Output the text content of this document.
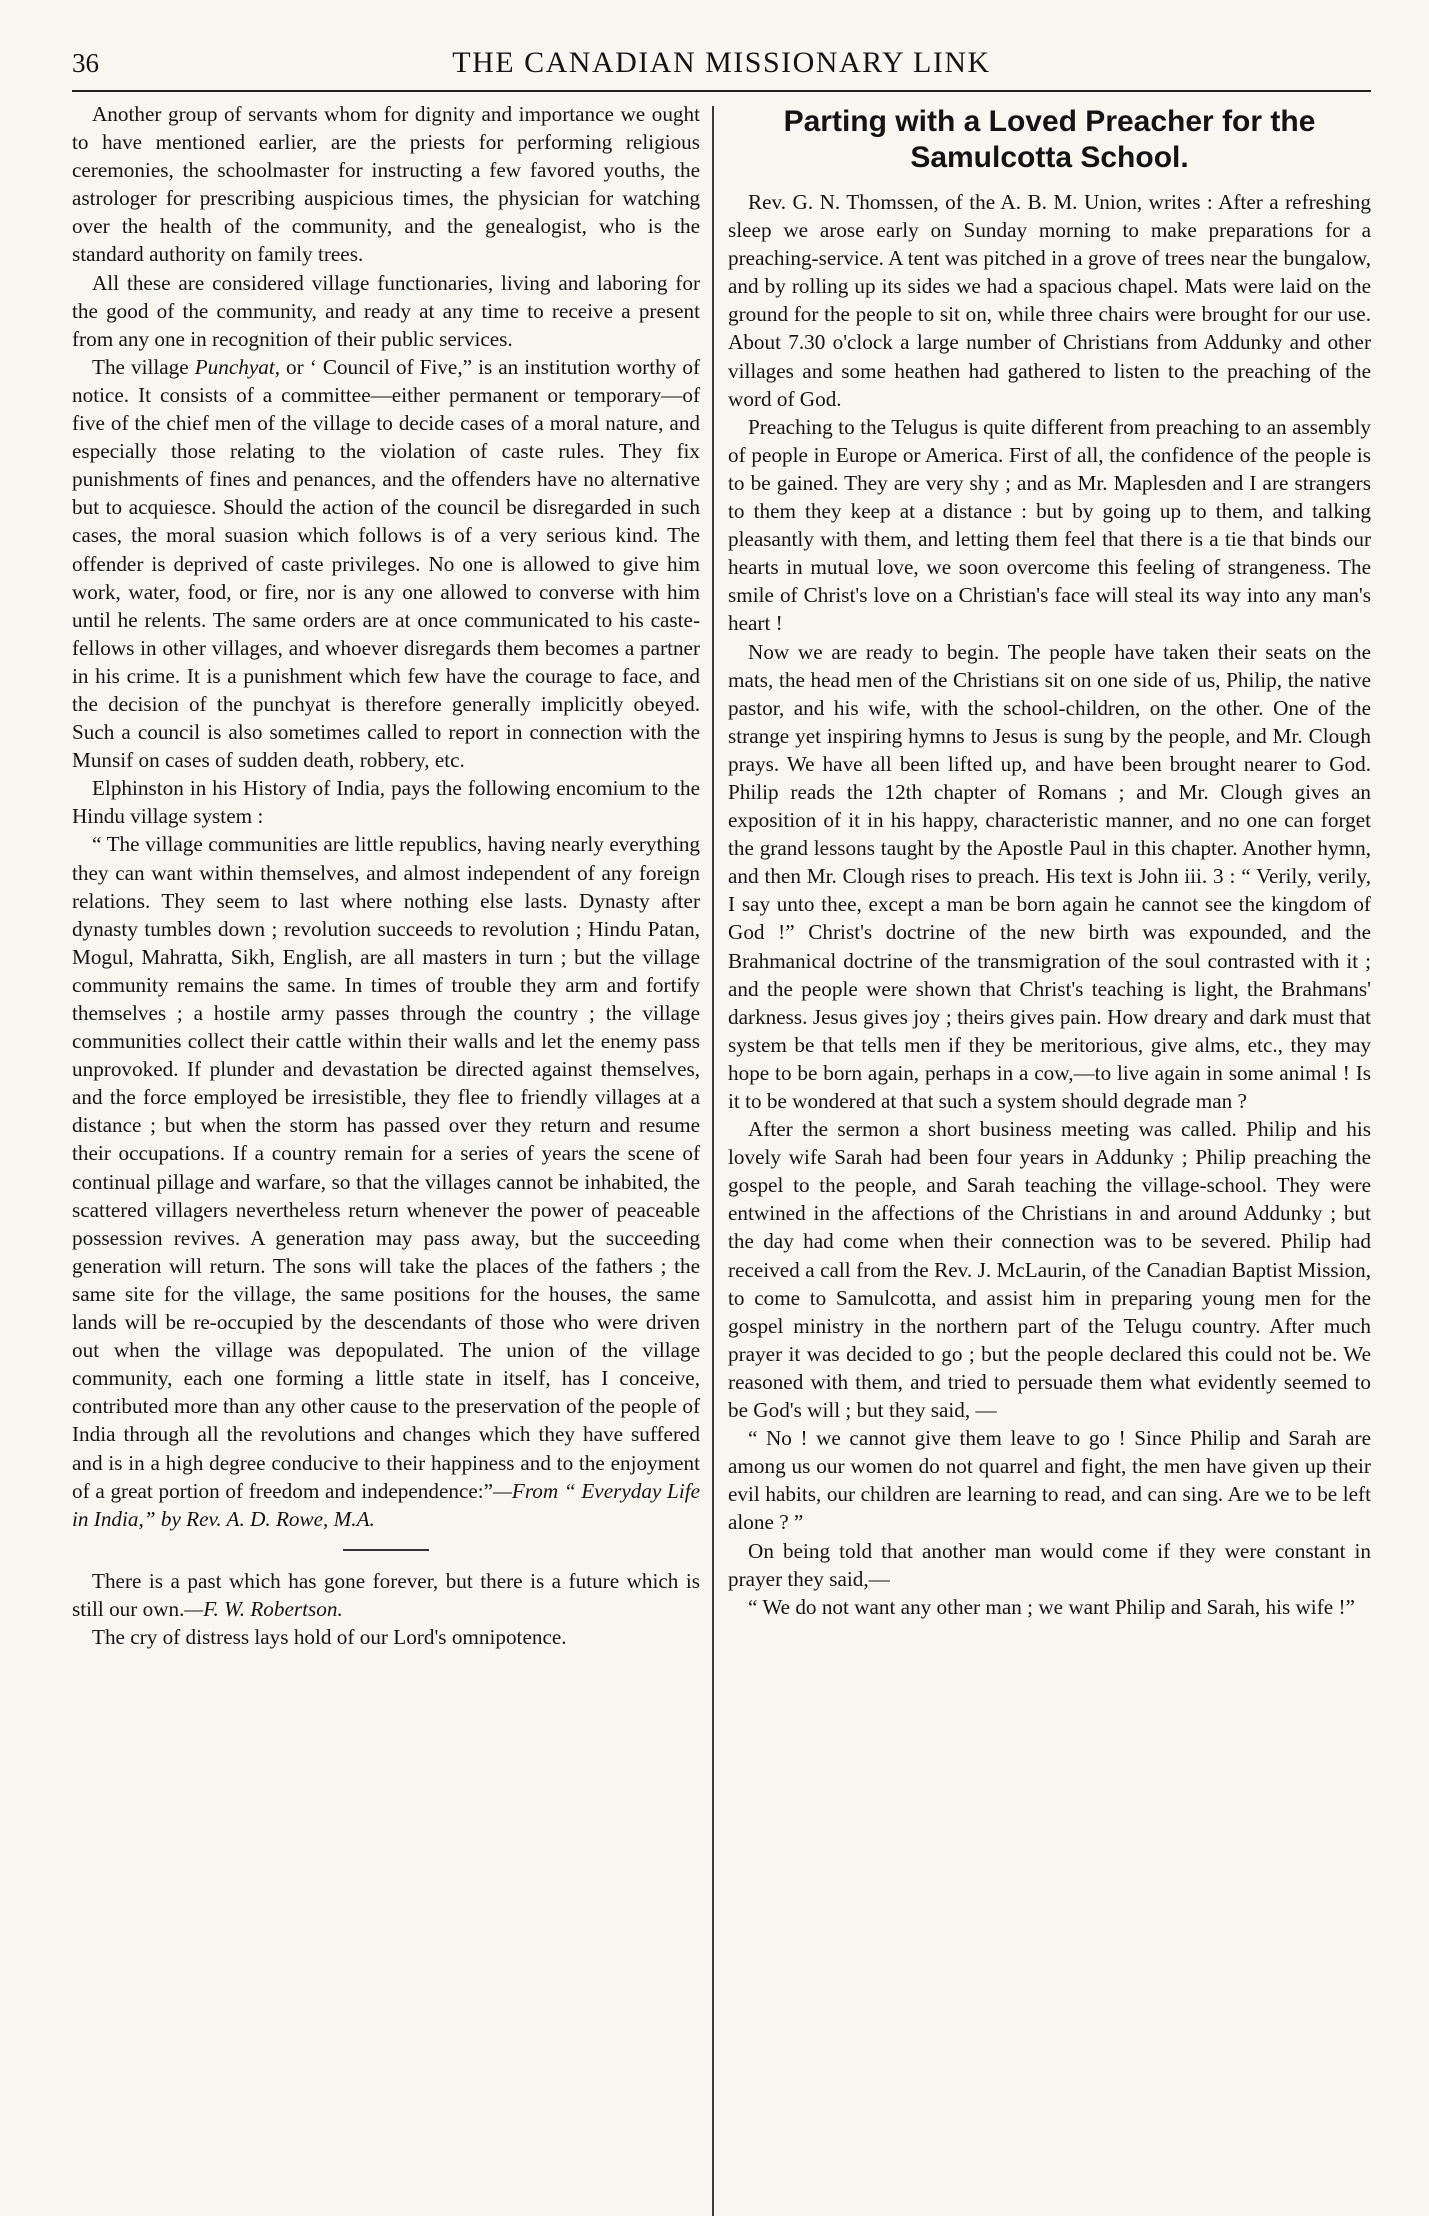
36	THE CANADIAN MISSIONARY LINK

Another group of servants whom for dignity and importance we ought to have mentioned earlier, are the priests for performing religious ceremonies, the schoolmaster for instructing a few favored youths, the astrologer for prescribing auspicious times, the physician for watching over the health of the community, and the genealogist, who is the standard authority on family trees.

All these are considered village functionaries, living and laboring for the good of the community, and ready at any time to receive a present from any one in recognition of their public services.

The village Punchyat, or ‘ Council of Five,” is an institution worthy of notice. It consists of a committee—either permanent or temporary—of five of the chief men of the village to decide cases of a moral nature, and especially those relating to the violation of caste rules. They fix punishments of fines and penances, and the offenders have no alternative but to acquiesce. Should the action of the council be disregarded in such cases, the moral suasion which follows is of a very serious kind. The offender is deprived of caste privileges. No one is allowed to give him work, water, food, or fire, nor is any one allowed to converse with him until he relents. The same orders are at once communicated to his caste-fellows in other villages, and whoever disregards them becomes a partner in his crime. It is a punishment which few have the courage to face, and the decision of the punchyat is therefore generally implicitly obeyed. Such a council is also sometimes called to report in connection with the Munsif on cases of sudden death, robbery, etc.

Elphinston in his History of India, pays the following encomium to the Hindu village system :

“ The village communities are little republics, having nearly everything they can want within themselves, and almost independent of any foreign relations. They seem to last where nothing else lasts. Dynasty after dynasty tumbles down ; revolution succeeds to revolution ; Hindu Patan, Mogul, Mahratta, Sikh, English, are all masters in turn ; but the village community remains the same. In times of trouble they arm and fortify themselves ; a hostile army passes through the country ; the village communities collect their cattle within their walls and let the enemy pass unprovoked. If plunder and devastation be directed against themselves, and the force employed be irresistible, they flee to friendly villages at a distance ; but when the storm has passed over they return and resume their occupations. If a country remain for a series of years the scene of continual pillage and warfare, so that the villages cannot be inhabited, the scattered villagers nevertheless return whenever the power of peaceable possession revives. A generation may pass away, but the succeeding generation will return. The sons will take the places of the fathers ; the same site for the village, the same positions for the houses, the same lands will be re-occupied by the descendants of those who were driven out when the village was depopulated. The union of the village community, each one forming a little state in itself, has I conceive, contributed more than any other cause to the preservation of the people of India through all the revolutions and changes which they have suffered and is in a high degree conducive to their happiness and to the enjoyment of a great portion of freedom and independence:”—From “ Everyday Life in India,” by Rev. A. D. Rowe, M.A.

There is a past which has gone forever, but there is a future which is still our own.—F. W. Robertson.

The cry of distress lays hold of our Lord's omnipotence.

Parting with a Loved Preacher for the Samulcotta School.

Rev. G. N. Thomssen, of the A. B. M. Union, writes : After a refreshing sleep we arose early on Sunday morning to make preparations for a preaching-service. A tent was pitched in a grove of trees near the bungalow, and by rolling up its sides we had a spacious chapel. Mats were laid on the ground for the people to sit on, while three chairs were brought for our use. About 7.30 o'clock a large number of Christians from Addunky and other villages and some heathen had gathered to listen to the preaching of the word of God.

Preaching to the Telugus is quite different from preaching to an assembly of people in Europe or America. First of all, the confidence of the people is to be gained. They are very shy ; and as Mr. Maplesden and I are strangers to them they keep at a distance : but by going up to them, and talking pleasantly with them, and letting them feel that there is a tie that binds our hearts in mutual love, we soon overcome this feeling of strangeness. The smile of Christ's love on a Christian's face will steal its way into any man's heart !

Now we are ready to begin. The people have taken their seats on the mats, the head men of the Christians sit on one side of us, Philip, the native pastor, and his wife, with the school-children, on the other. One of the strange yet inspiring hymns to Jesus is sung by the people, and Mr. Clough prays. We have all been lifted up, and have been brought nearer to God. Philip reads the 12th chapter of Romans ; and Mr. Clough gives an exposition of it in his happy, characteristic manner, and no one can forget the grand lessons taught by the Apostle Paul in this chapter. Another hymn, and then Mr. Clough rises to preach. His text is John iii. 3 : “ Verily, verily, I say unto thee, except a man be born again he cannot see the kingdom of God !” Christ's doctrine of the new birth was expounded, and the Brahmanical doctrine of the transmigration of the soul contrasted with it ; and the people were shown that Christ's teaching is light, the Brahmans' darkness. Jesus gives joy ; theirs gives pain. How dreary and dark must that system be that tells men if they be meritorious, give alms, etc., they may hope to be born again, perhaps in a cow,—to live again in some animal ! Is it to be wondered at that such a system should degrade man ?

After the sermon a short business meeting was called. Philip and his lovely wife Sarah had been four years in Addunky ; Philip preaching the gospel to the people, and Sarah teaching the village-school. They were entwined in the affections of the Christians in and around Addunky ; but the day had come when their connection was to be severed. Philip had received a call from the Rev. J. McLaurin, of the Canadian Baptist Mission, to come to Samulcotta, and assist him in preparing young men for the gospel ministry in the northern part of the Telugu country. After much prayer it was decided to go ; but the people declared this could not be. We reasoned with them, and tried to persuade them what evidently seemed to be God's will ; but they said, —

“ No ! we cannot give them leave to go ! Since Philip and Sarah are among us our women do not quarrel and fight, the men have given up their evil habits, our children are learning to read, and can sing. Are we to be left alone ? ”

On being told that another man would come if they were constant in prayer they said,—

“ We do not want any other man ; we want Philip and Sarah, his wife !”
